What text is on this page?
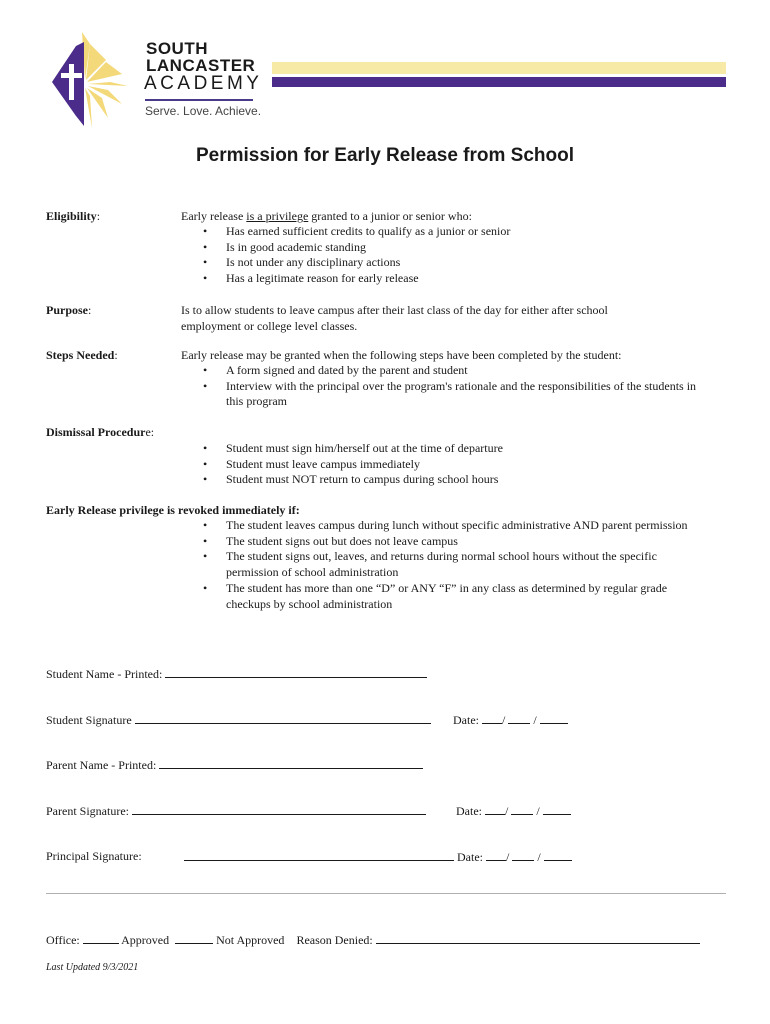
SOUTH
LANCASTER
ACADEMY
Serve. Love. Achieve.
Permission for Early Release from School
Eligibility:	Early release is a privilege granted to a junior or senior who:
• Has earned sufficient credits to qualify as a junior or senior
• Is in good academic standing
• Is not under any disciplinary actions
• Has a legitimate reason for early release
Purpose:	Is to allow students to leave campus after their last class of the day for either after school employment or college level classes.
Steps Needed:	Early release may be granted when the following steps have been completed by the student:
• A form signed and dated by the parent and student
• Interview with the principal over the program's rationale and the responsibilities of the students in this program
Dismissal Procedure:
• Student must sign him/herself out at the time of departure
• Student must leave campus immediately
• Student must NOT return to campus during school hours
Early Release privilege is revoked immediately if:
• The student leaves campus during lunch without specific administrative AND parent permission
• The student signs out but does not leave campus
• The student signs out, leaves, and returns during normal school hours without the specific permission of school administration
• The student has more than one “D” or ANY “F” in any class as determined by regular grade checkups by school administration
Student Name - Printed:
Student Signature	Date: / /
Parent Name - Printed:
Parent Signature:	Date: / /
Principal Signature:	Date: / /
Office:	Approved	Not Approved Reason Denied:
Last Updated 9/3/2021
